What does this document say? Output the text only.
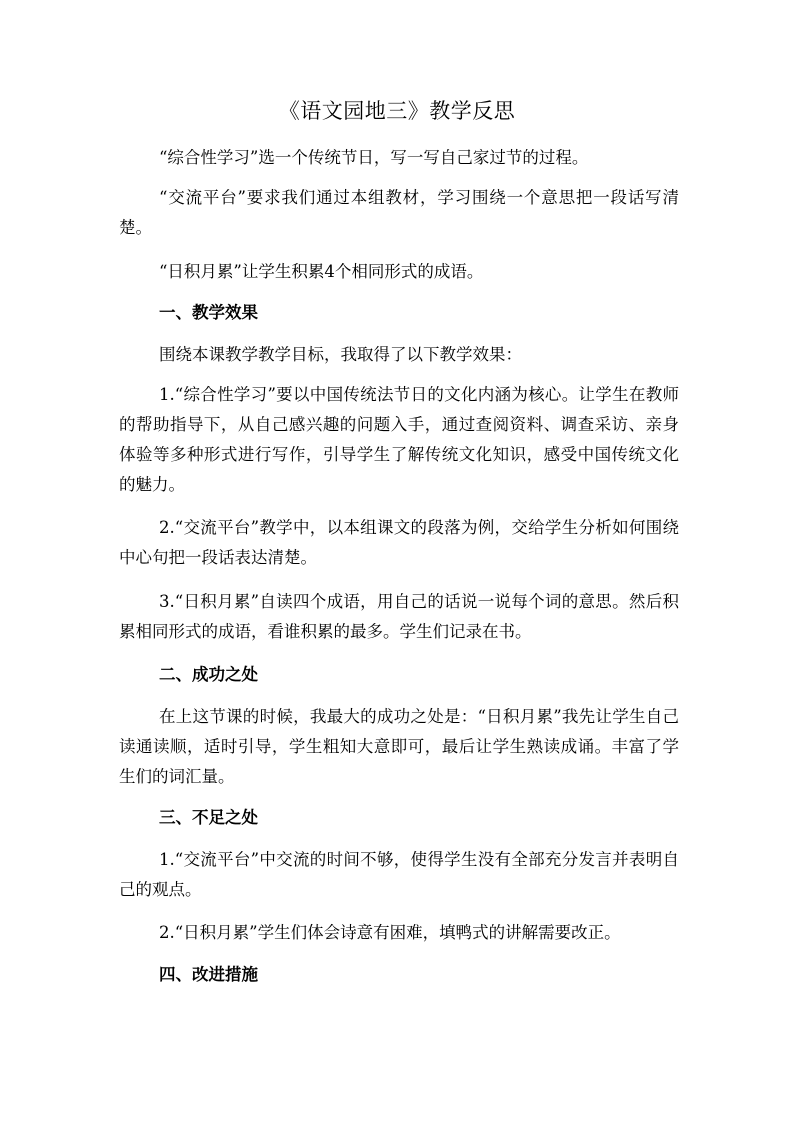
《语文园地三》教学反思

“综合性学习”选一个传统节日，写一写自己家过节的过程。

“交流平台”要求我们通过本组教材，学习围绕一个意思把一段话写清楚。

“日积月累”让学生积累4个相同形式的成语。

一、教学效果

围绕本课教学教学目标，我取得了以下教学效果：

1.“综合性学习”要以中国传统法节日的文化内涵为核心。让学生在教师的帮助指导下，从自己感兴趣的问题入手，通过查阅资料、调查采访、亲身体验等多种形式进行写作，引导学生了解传统文化知识，感受中国传统文化的魅力。

2.“交流平台”教学中，以本组课文的段落为例，交给学生分析如何围绕中心句把一段话表达清楚。

3.“日积月累”自读四个成语，用自己的话说一说每个词的意思。然后积累相同形式的成语，看谁积累的最多。学生们记录在书。

二、成功之处

在上这节课的时候，我最大的成功之处是：“日积月累”我先让学生自己读通读顺，适时引导，学生粗知大意即可，最后让学生熟读成诵。丰富了学生们的词汇量。

三、不足之处

1.“交流平台”中交流的时间不够，使得学生没有全部充分发言并表明自己的观点。

2.“日积月累”学生们体会诗意有困难，填鸭式的讲解需要改正。

四、改进措施
